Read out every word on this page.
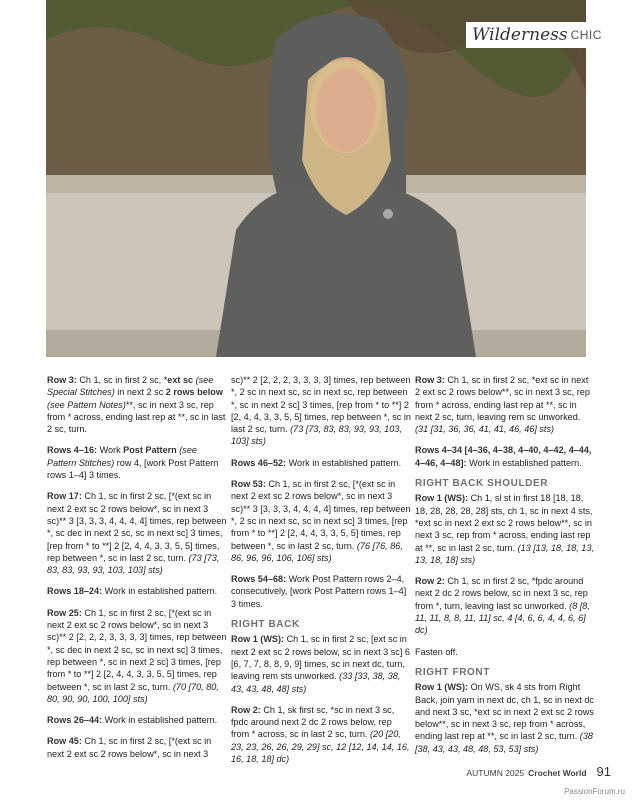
Wilderness CHIC

Row 3: Ch 1, sc in first 2 sc, *ext sc (see Special Stitches) in next 2 sc 2 rows below (see Pattern Notes)**, sc in next 3 sc, rep from * across, ending last rep at **, sc in last 2 sc, turn.

Rows 4–16: Work Post Pattern (see Pattern Stitches) row 4, [work Post Pattern rows 1–4] 3 times.

Row 17: Ch 1, sc in first 2 sc, [*(ext sc in next 2 ext sc 2 rows below*, sc in next 3 sc)** 3 [3, 3, 3, 4, 4, 4, 4] times, rep between *, sc dec in next 2 sc, sc in next sc] 3 times, [rep from * to **] 2 [2, 4, 4, 3, 3, 5, 5] times, rep between *, sc in last 2 sc, turn. (73 [73, 83, 83, 93, 93, 103, 103] sts)

Rows 18–24: Work in established pattern.

Row 25: Ch 1, sc in first 2 sc, [*(ext sc in next 2 ext sc 2 rows below*, sc in next 3 sc)** 2 [2, 2, 2, 3, 3, 3, 3] times, rep between *, sc dec in next 2 sc, sc in next sc] 3 times, rep between *, sc in next 2 sc] 3 times, [rep from * to **] 2 [2, 4, 4, 3, 3, 5, 5] times, rep between *, sc in last 2 sc, turn. (70 [70, 80, 80, 90, 90, 100, 100] sts)

Rows 26–44: Work in established pattern.

Row 45: Ch 1, sc in first 2 sc, [*(ext sc in next 2 ext sc 2 rows below*, sc in next 3

sc)** 2 [2, 2, 2, 3, 3, 3, 3] times, rep between *, 2 sc in next sc, sc in next sc, rep between *, sc in next 2 sc] 3 times, [rep from * to **] 2 [2, 4, 4, 3, 3, 5, 5] times, rep between *, sc in last 2 sc, turn. (73 [73, 83, 83, 93, 93, 103, 103] sts)

Rows 46–52: Work in established pattern.

Row 53: Ch 1, sc in first 2 sc, [*(ext sc in next 2 ext sc 2 rows below*, sc in next 3 sc)** 3 [3, 3, 3, 4, 4, 4, 4] times, rep between *, 2 sc in next sc, sc in next sc] 3 times, [rep from * to **] 2 [2, 4, 4, 3, 3, 5, 5] times, rep between *, sc in last 2 sc, turn. (76 [76, 86, 86, 96, 96, 106, 106] sts)

Rows 54–68: Work Post Pattern rows 2–4, consecutively, [work Post Pattern rows 1–4] 3 times.

RIGHT BACK

Row 1 (WS): Ch 1, sc in first 2 sc, [ext sc in next 2 ext sc 2 rows below, sc in next 3 sc] 6 [6, 7, 7, 8, 8, 9, 9] times, sc in next dc, turn, leaving rem sts unworked. (33 [33, 38, 38, 43, 43, 48, 48] sts)

Row 2: Ch 1, sk first sc, *sc in next 3 sc, fpdc around next 2 dc 2 rows below, rep from * across, sc in last 2 sc, turn. (20 [20, 23, 23, 26, 26, 29, 29] sc, 12 [12, 14, 14, 16, 16, 18, 18] dc)

Row 3: Ch 1, sc in first 2 sc, *ext sc in next 2 ext sc 2 rows below**, sc in next 3 sc, rep from * across, ending last rep at **, sc in next 2 sc, turn, leaving rem sc unworked. (31 [31, 36, 36, 41, 41, 46, 46] sts)

Rows 4–34 [4–36, 4–38, 4–40, 4–42, 4–44, 4–46, 4–48]: Work in established pattern.

RIGHT BACK SHOULDER

Row 1 (WS): Ch 1, sl st in first 18 [18, 18, 18, 28, 28, 28, 28] sts, ch 1, sc in next 4 sts, *ext sc in next 2 ext sc 2 rows below**, sc in next 3 sc, rep from * across, ending last rep at **, sc in last 2 sc, turn. (13 [13, 18, 18, 13, 13, 18, 18] sts)

Row 2: Ch 1, sc in first 2 sc, *fpdc around next 2 dc 2 rows below, sc in next 3 sc, rep from *, turn, leaving last sc unworked. (8 [8, 11, 11, 8, 8, 11, 11] sc, 4 [4, 6, 6, 4, 4, 6, 6] dc)

Fasten off.

RIGHT FRONT

Row 1 (WS): On WS, sk 4 sts from Right Back, join yarn in next dc, ch 1, sc in next dc and next 3 sc, *ext sc in next 2 ext sc 2 rows below**, sc in next 3 sc, rep from * across, ending last rep at **, sc in last 2 sc, turn. (38 [38, 43, 43, 48, 48, 53, 53] sts)

AUTUMN 2025 Crochet World 91
PassionForum.ru
